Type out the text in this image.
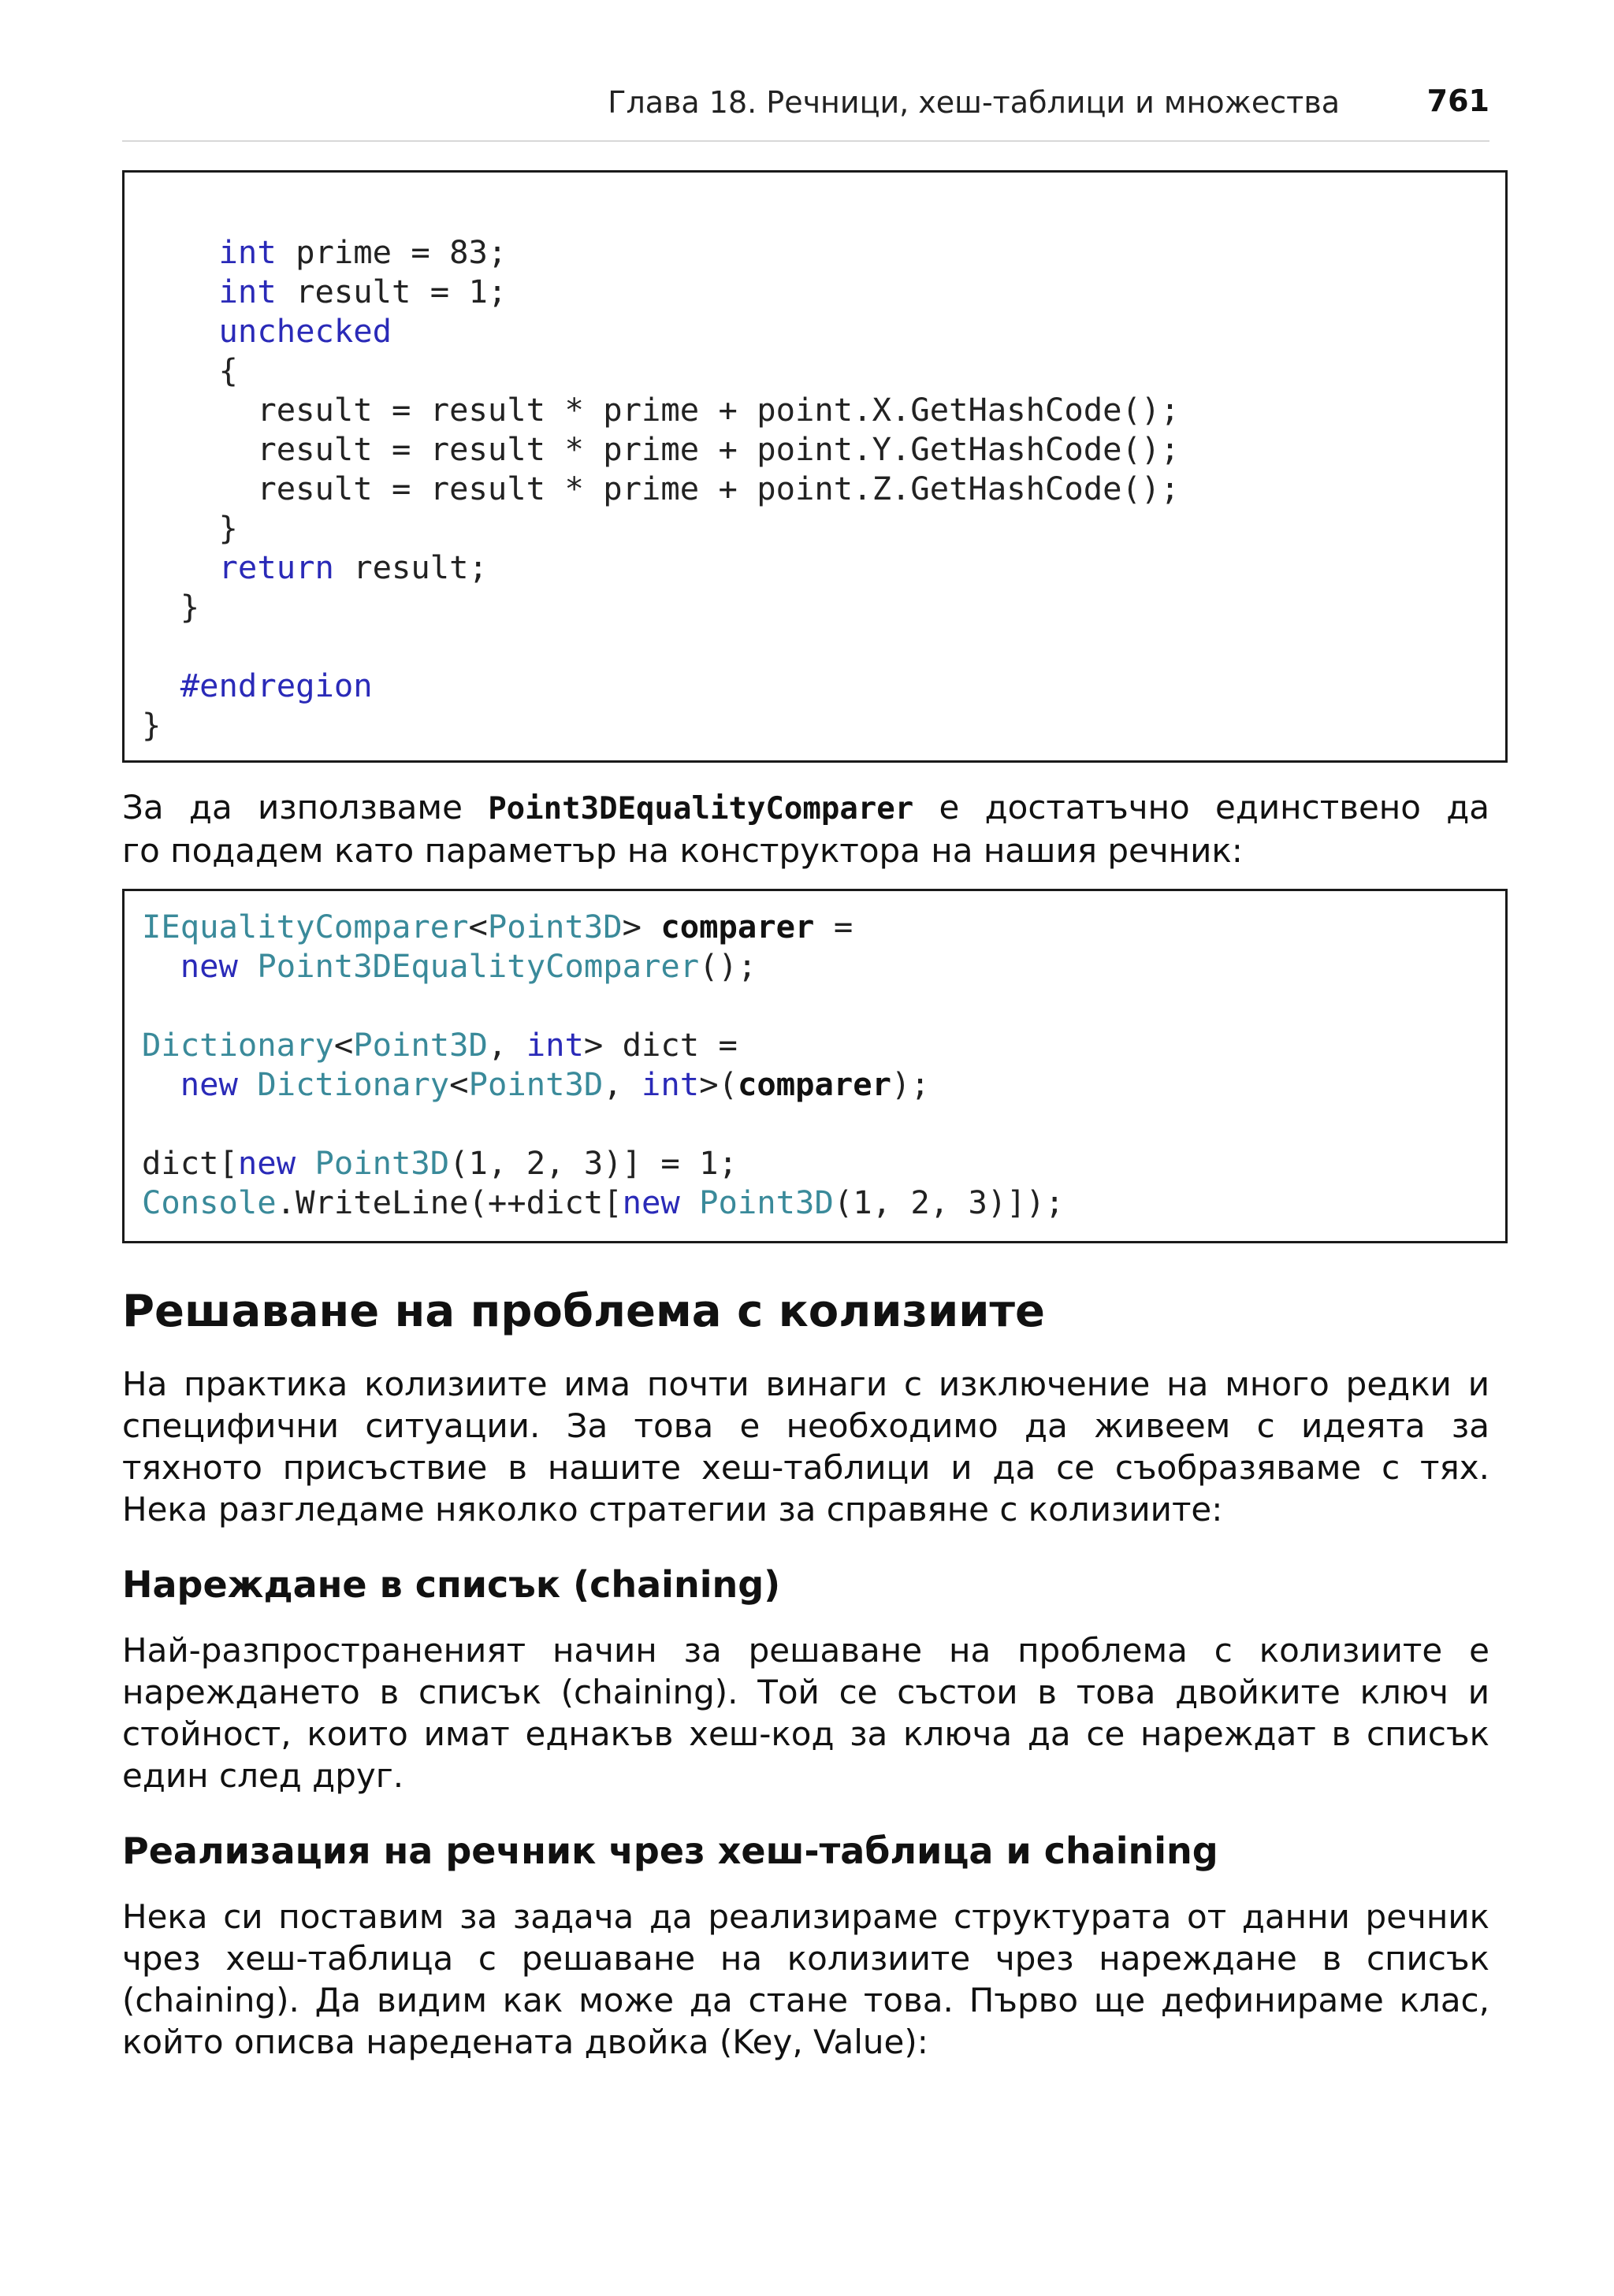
Глава 18. Речници, хеш-таблици и множества	761
int prime = 83;
int result = 1;
unchecked
{
result = result * prime + point.X.GetHashCode();
result = result * prime + point.Y.GetHashCode();
result = result * prime + point.Z.GetHashCode();
}
return result;
}
#endregion
}
За да използваме Point3DEqualityComparer е достатъчно единствено да
го подадем като параметър на конструктора на нашия речник:
IEqualityComparer<Point3D> comparer =
new Point3DEqualityComparer();
Dictionary<Point3D, int> dict =
new Dictionary<Point3D, int>(comparer);
dict[new Point3D(1, 2, 3)] = 1;
Console.WriteLine(++dict[new Point3D(1, 2, 3)]);
Решаване на проблема с колизиите
На практика колизиите има почти винаги с изключение на много редки и
специфични ситуации. За това е необходимо да живеем с идеята за
тяхното присъствие в нашите хеш-таблици и да се съобразяваме с тях.
Нека разгледаме няколко стратегии за справяне с колизиите:
Нареждане в списък (chaining)
Най-разпространеният начин за решаване на проблема с колизиите е
нареждането в списък (chaining). Той се състои в това двойките ключ и
стойност, които имат еднакъв хеш-код за ключа да се нареждат в списък
един след друг.
Реализация на речник чрез хеш-таблица и chaining
Нека си поставим за задача да реализираме структурата от данни речник
чрез хеш-таблица с решаване на колизиите чрез нареждане в списък
(chaining). Да видим как може да стане това. Първо ще дефинираме клас,
който описва наредената двойка (Key, Value):
